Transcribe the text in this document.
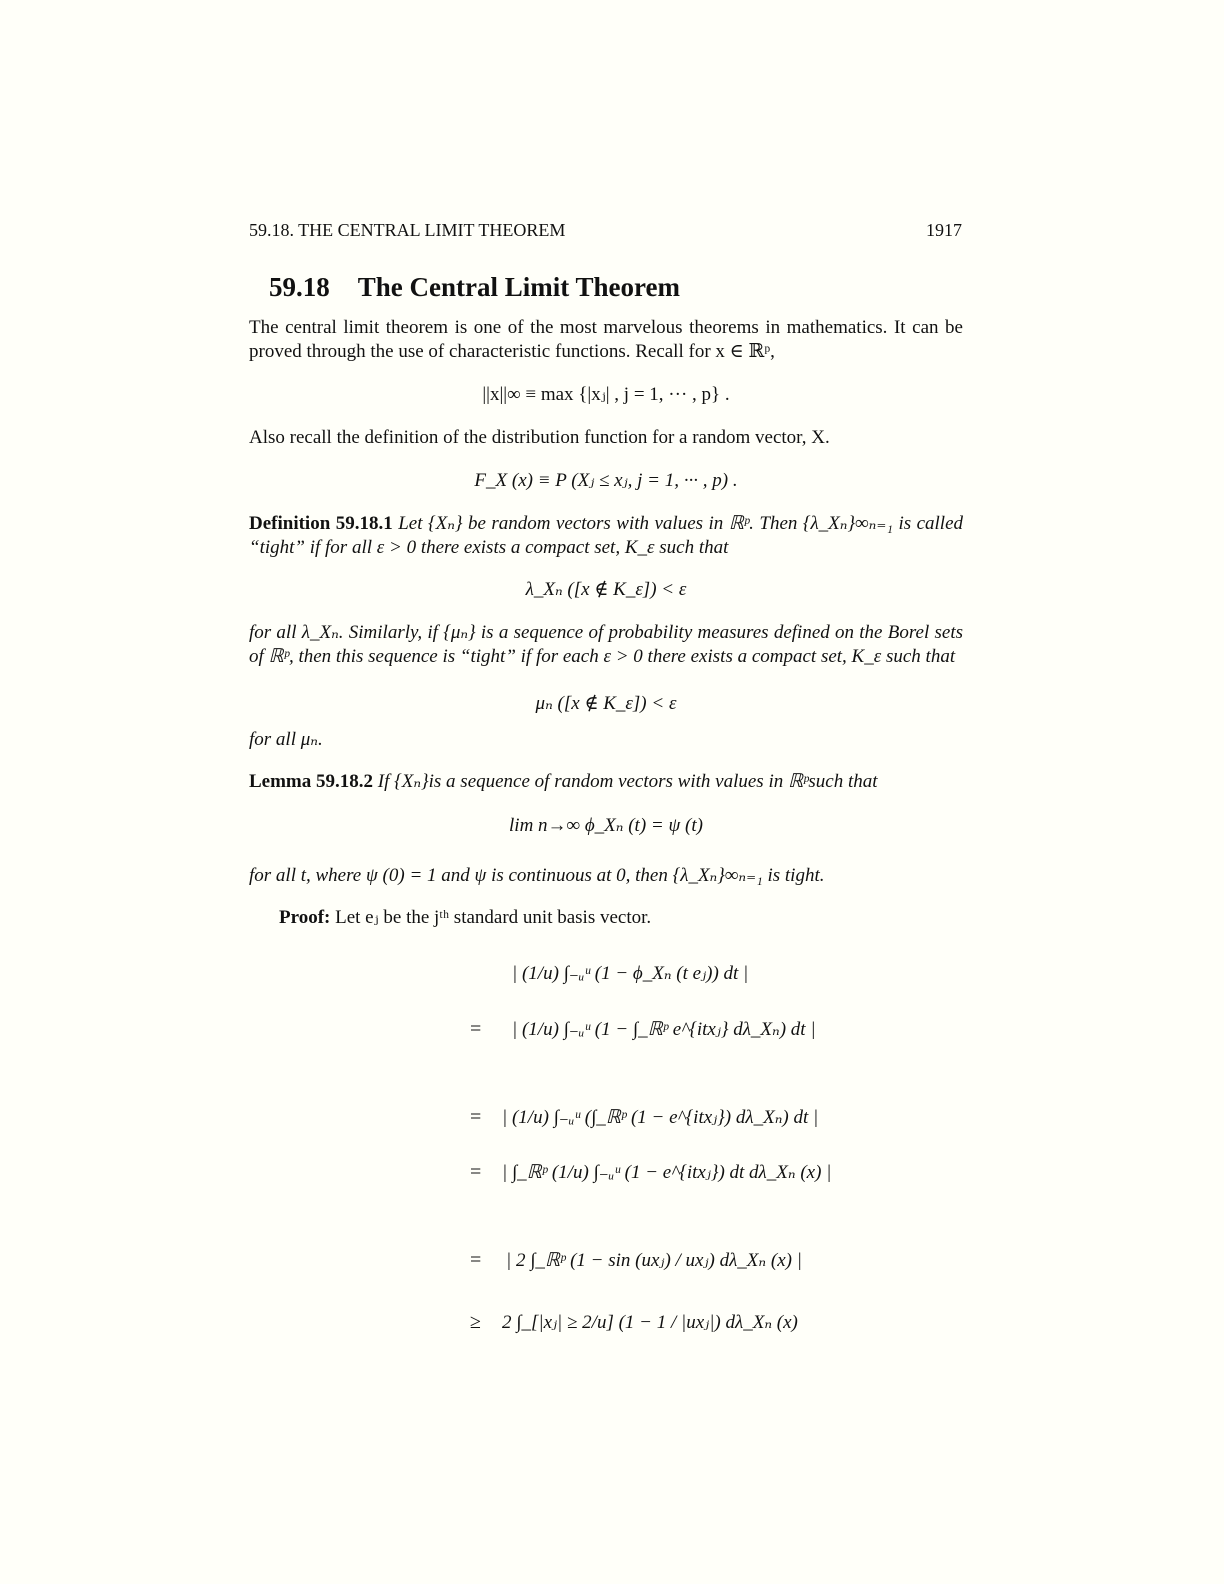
59.18. THE CENTRAL LIMIT THEOREM	1917
59.18 The Central Limit Theorem
The central limit theorem is one of the most marvelous theorems in mathematics. It can be proved through the use of characteristic functions. Recall for x ∈ ℝᵖ,
||x||∞ ≡ max {|xⱼ| , j = 1, ··· , p} .
Also recall the definition of the distribution function for a random vector, X.
F_X (x) ≡ P (Xⱼ ≤ xⱼ, j = 1, ··· , p) .
Definition 59.18.1 Let {Xₙ} be random vectors with values in ℝᵖ. Then {λ_Xₙ}∞ₙ₌₁ is called “tight” if for all ε > 0 there exists a compact set, K_ε such that
λ_Xₙ ([x ∉ K_ε]) < ε
for all λ_Xₙ. Similarly, if {μₙ} is a sequence of probability measures defined on the Borel sets of ℝᵖ, then this sequence is “tight” if for each ε > 0 there exists a compact set, K_ε such that
μₙ ([x ∉ K_ε]) < ε
for all μₙ.
Lemma 59.18.2 If {Xₙ}is a sequence of random vectors with values in ℝᵖsuch that
lim n→∞ ϕ_Xₙ (t) = ψ (t)
for all t, where ψ (0) = 1 and ψ is continuous at 0, then {λ_Xₙ}∞ₙ₌₁ is tight.
Proof: Let eⱼ be the jᵗʰ standard unit basis vector.
=
=
=
=
≥
| (1/u) ∫₋ᵤᵘ (1 − ϕ_Xₙ (t eⱼ)) dt |
| (1/u) ∫₋ᵤᵘ (1 − ∫_ℝᵖ e^{itxⱼ} dλ_Xₙ) dt |
| (1/u) ∫₋ᵤᵘ (∫_ℝᵖ (1 − e^{itxⱼ}) dλ_Xₙ) dt |
| ∫_ℝᵖ (1/u) ∫₋ᵤᵘ (1 − e^{itxⱼ}) dt dλ_Xₙ (x) |
| 2 ∫_ℝᵖ (1 − sin (uxⱼ) / uxⱼ) dλ_Xₙ (x) |
2 ∫_[|xⱼ| ≥ 2/u] (1 − 1 / |uxⱼ|) dλ_Xₙ (x)
